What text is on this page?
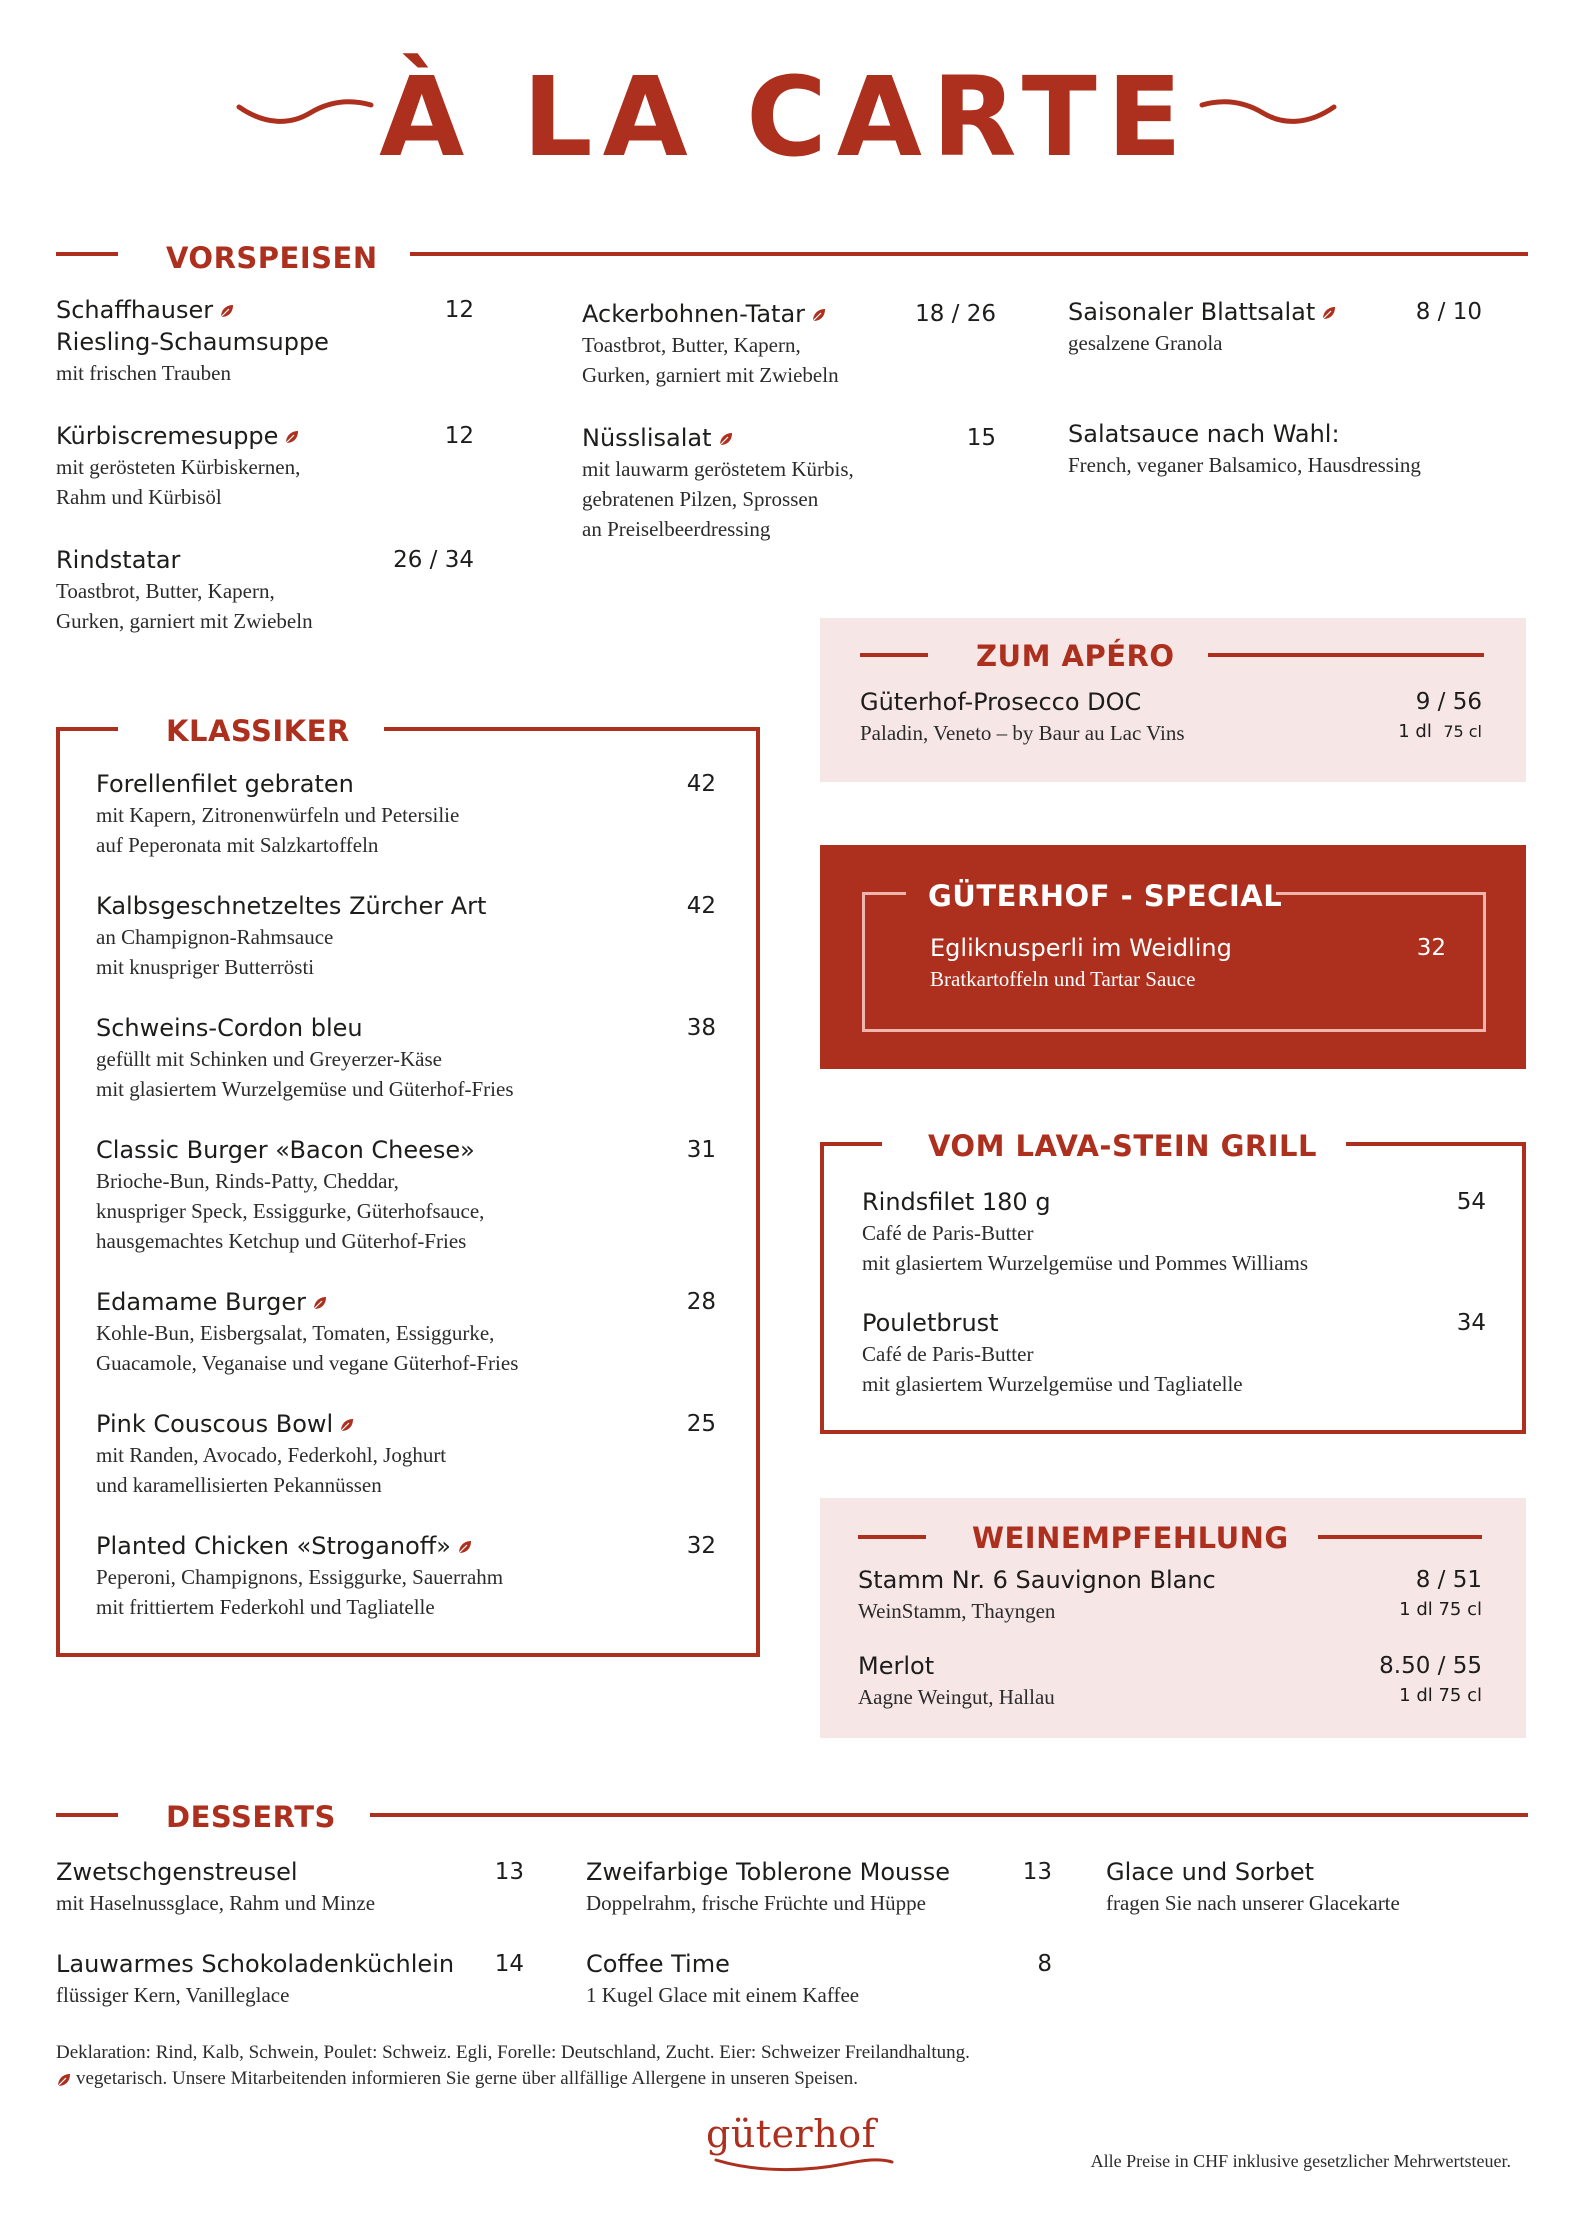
À LA CARTE
VORSPEISEN
Schaffhauser
Riesling-Schaumsuppe
mit frischen Trauben
12
Kürbiscremesuppe
mit gerösteten Kürbiskernen,
Rahm und Kürbisöl
12
Rindstatar
Toastbrot, Butter, Kapern,
Gurken, garniert mit Zwiebeln
26 / 34
Ackerbohnen-Tatar
Toastbrot, Butter, Kapern,
Gurken, garniert mit Zwiebeln
18 / 26
Nüsslisalat
mit lauwarm geröstetem Kürbis,
gebratenen Pilzen, Sprossen
an Preiselbeerdressing
15
Saisonaler Blattsalat
gesalzene Granola
8 / 10
Salatsauce nach Wahl:
French, veganer Balsamico, Hausdressing
KLASSIKER
Forellenfilet gebraten
mit Kapern, Zitronenwürfeln und Petersilie
auf Peperonata mit Salzkartoffeln
42
Kalbsgeschnetzeltes Zürcher Art
an Champignon-Rahmsauce
mit knuspriger Butterrösti
42
Schweins-Cordon bleu
gefüllt mit Schinken und Greyerzer-Käse
mit glasiertem Wurzelgemüse und Güterhof-Fries
38
Classic Burger «Bacon Cheese»
Brioche-Bun, Rinds-Patty, Cheddar,
knuspriger Speck, Essiggurke, Güterhofsauce,
hausgemachtes Ketchup und Güterhof-Fries
31
Edamame Burger
Kohle-Bun, Eisbergsalat, Tomaten, Essiggurke,
Guacamole, Veganaise und vegane Güterhof-Fries
28
Pink Couscous Bowl
mit Randen, Avocado, Federkohl, Joghurt
und karamellisierten Pekannüssen
25
Planted Chicken «Stroganoff»
Peperoni, Champignons, Essiggurke, Sauerrahm
mit frittiertem Federkohl und Tagliatelle
32
ZUM APÉRO
Güterhof-Prosecco DOC
Paladin, Veneto – by Baur au Lac Vins
9 / 56
1 dl 75 cl
GÜTERHOF - SPECIAL
Egliknusperli im Weidling
Bratkartoffeln und Tartar Sauce
32
VOM LAVA-STEIN GRILL
Rindsfilet 180 g
Café de Paris-Butter
mit glasiertem Wurzelgemüse und Pommes Williams
54
Pouletbrust
Café de Paris-Butter
mit glasiertem Wurzelgemüse und Tagliatelle
34
WEINEMPFEHLUNG
Stamm Nr. 6 Sauvignon Blanc
WeinStamm, Thayngen
8 / 51
1 dl 75 cl
Merlot
Aagne Weingut, Hallau
8.50 / 55
1 dl 75 cl
DESSERTS
Zwetschgenstreusel
mit Haselnussglace, Rahm und Minze
13
Lauwarmes Schokoladenküchlein
flüssiger Kern, Vanilleglace
14
Zweifarbige Toblerone Mousse
Doppelrahm, frische Früchte und Hüppe
13
Coffee Time
1 Kugel Glace mit einem Kaffee
8
Glace und Sorbet
fragen Sie nach unserer Glacekarte
Deklaration: Rind, Kalb, Schwein, Poulet: Schweiz. Egli, Forelle: Deutschland, Zucht. Eier: Schweizer Freilandhaltung.
vegetarisch. Unsere Mitarbeitenden informieren Sie gerne über allfällige Allergene in unseren Speisen.
güterhof
Alle Preise in CHF inklusive gesetzlicher Mehrwertsteuer.
